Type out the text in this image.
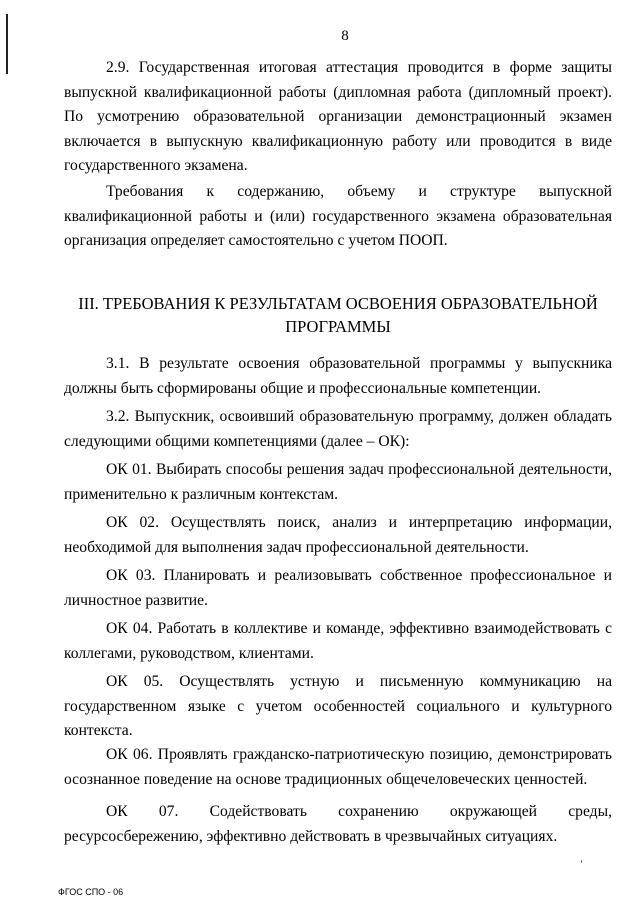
8

2.9. Государственная итоговая аттестация проводится в форме защиты выпускной квалификационной работы (дипломная работа (дипломный проект). По усмотрению образовательной организации демонстрационный экзамен включается в выпускную квалификационную работу или проводится в виде государственного экзамена.

Требования к содержанию, объему и структуре выпускной квалификационной работы и (или) государственного экзамена образовательная организация определяет самостоятельно с учетом ПООП.

III. ТРЕБОВАНИЯ К РЕЗУЛЬТАТАМ ОСВОЕНИЯ ОБРАЗОВАТЕЛЬНОЙ ПРОГРАММЫ

3.1. В результате освоения образовательной программы у выпускника должны быть сформированы общие и профессиональные компетенции.

3.2. Выпускник, освоивший образовательную программу, должен обладать следующими общими компетенциями (далее – ОК):

ОК 01. Выбирать способы решения задач профессиональной деятельности, применительно к различным контекстам.

ОК 02. Осуществлять поиск, анализ и интерпретацию информации, необходимой для выполнения задач профессиональной деятельности.

ОК 03. Планировать и реализовывать собственное профессиональное и личностное развитие.

ОК 04. Работать в коллективе и команде, эффективно взаимодействовать с коллегами, руководством, клиентами.

ОК 05. Осуществлять устную и письменную коммуникацию на государственном языке с учетом особенностей социального и культурного контекста.

ОК 06. Проявлять гражданско-патриотическую позицию, демонстрировать осознанное поведение на основе традиционных общечеловеческих ценностей.

ОК 07. Содействовать сохранению окружающей среды, ресурсосбережению, эффективно действовать в чрезвычайных ситуациях.

ʼ
ФГОС СПО - 06
